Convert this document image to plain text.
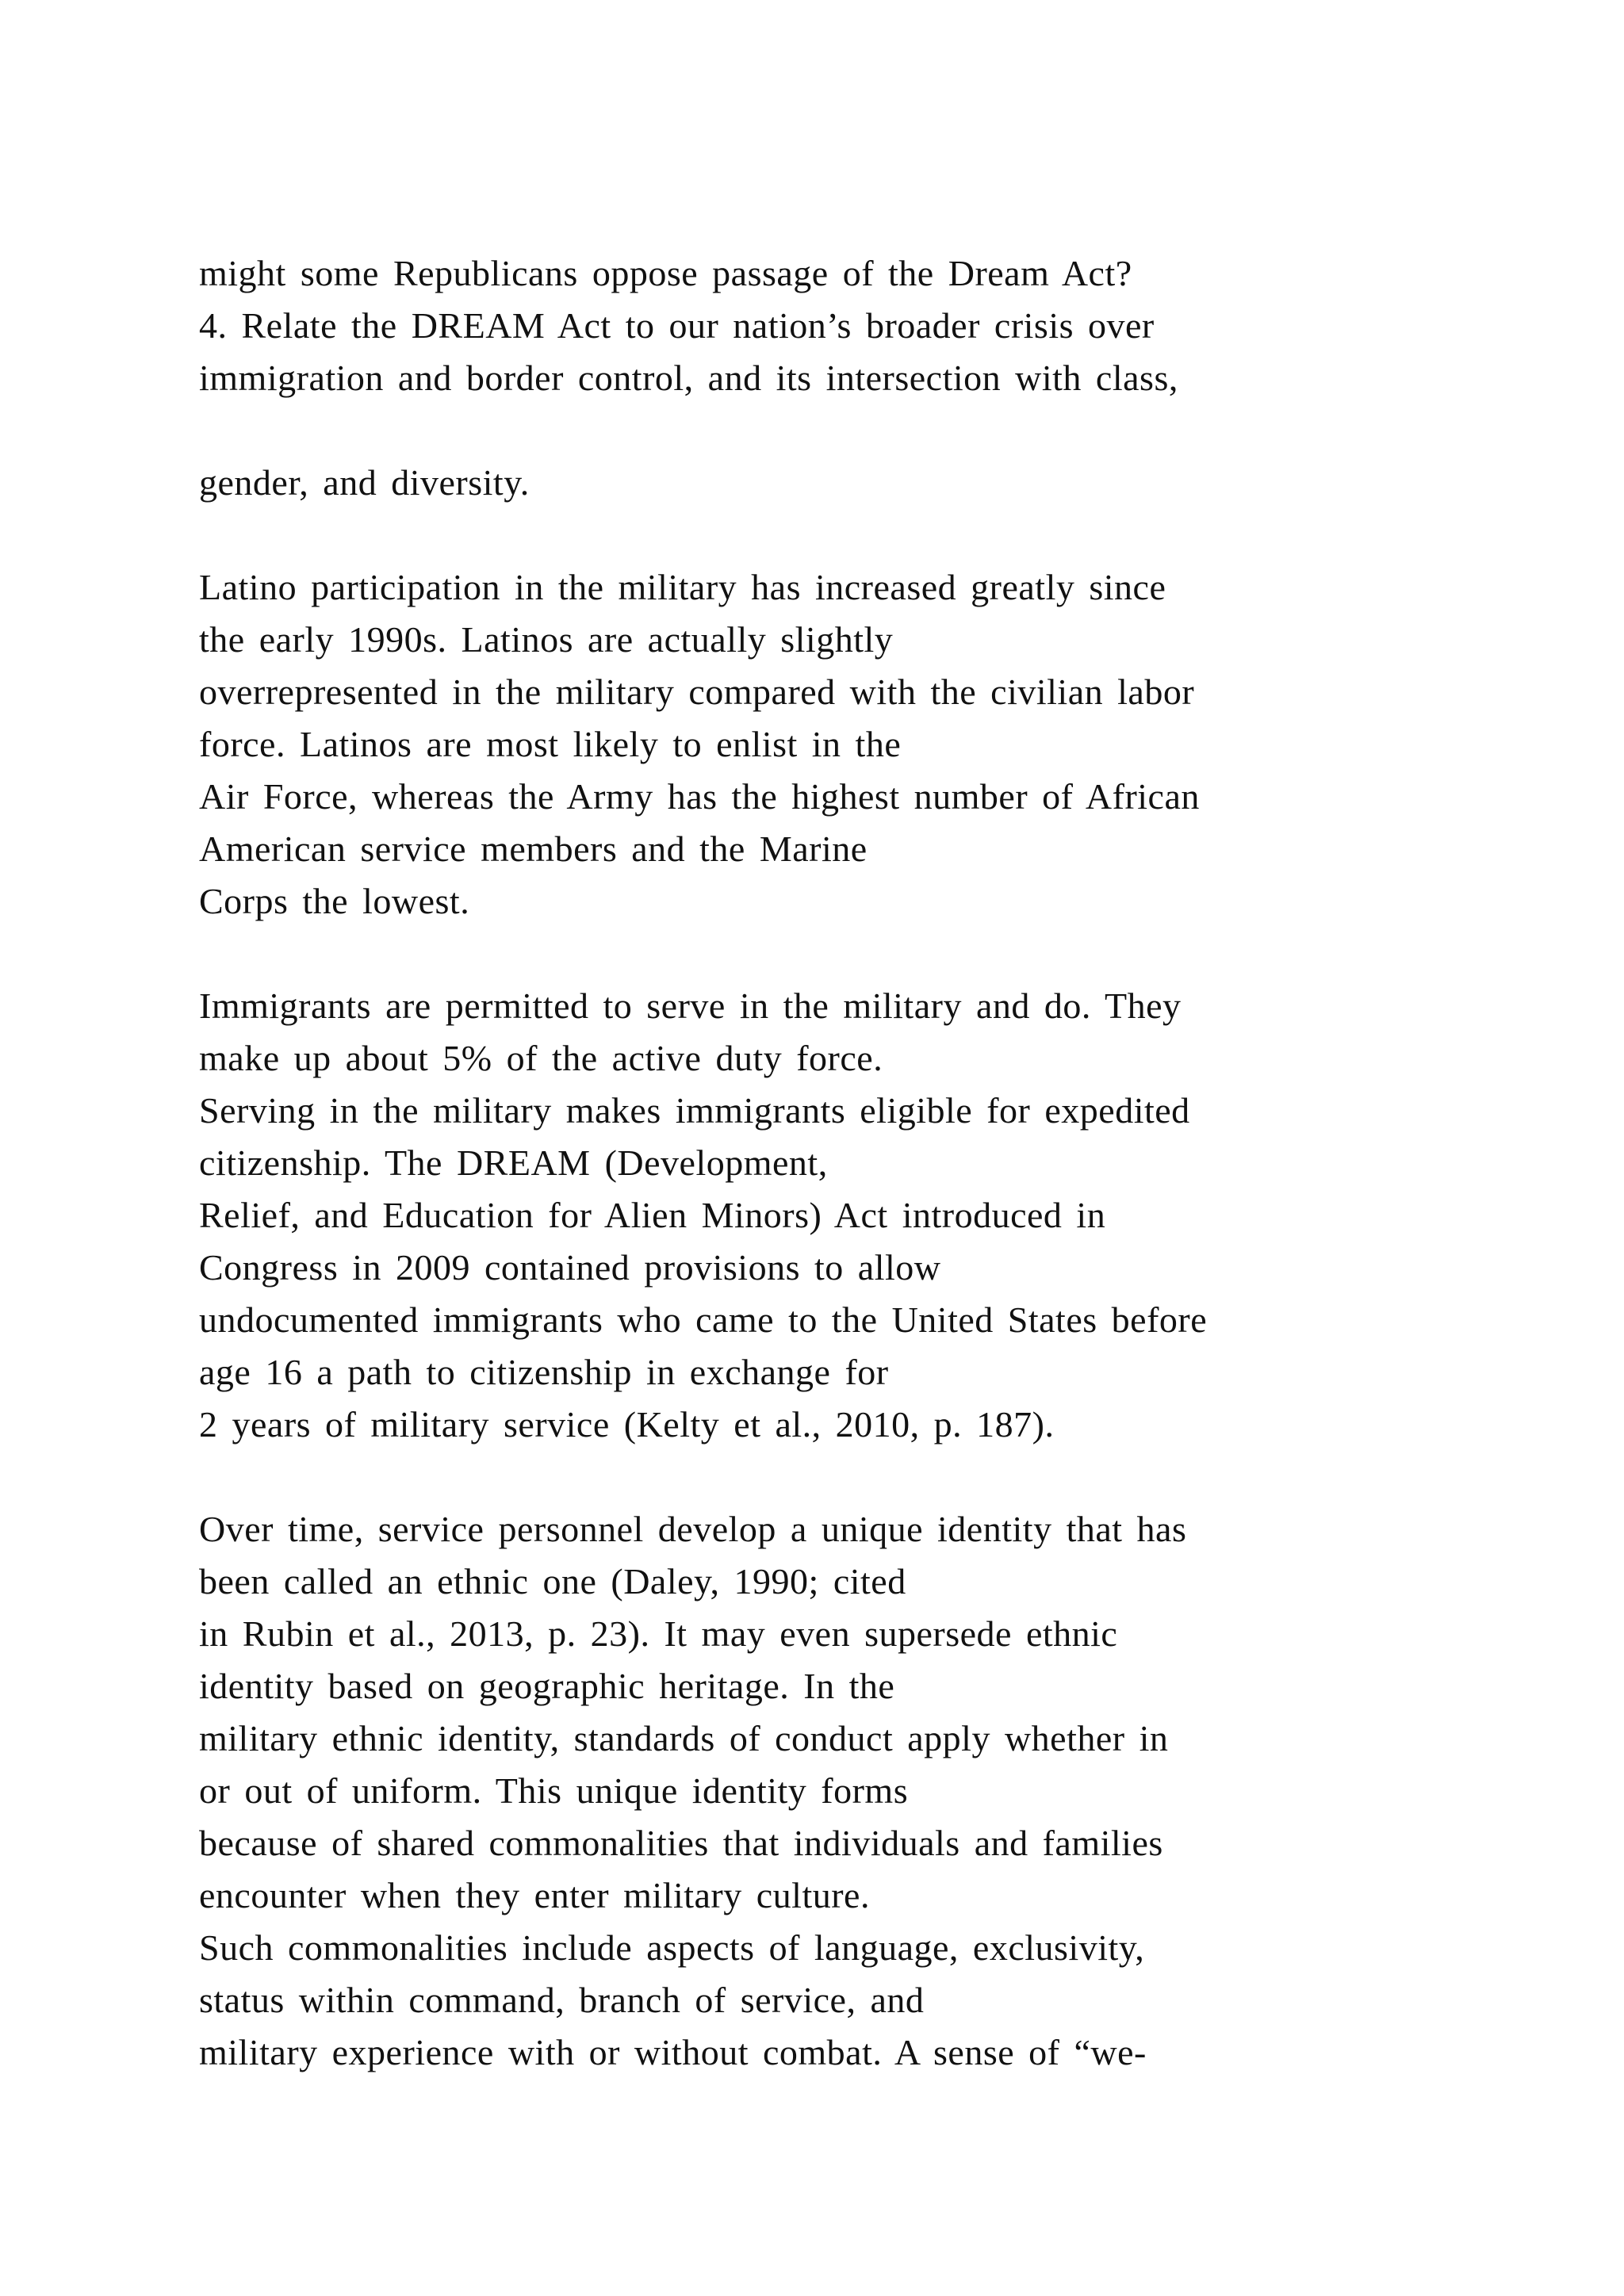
might some Republicans oppose passage of the Dream Act?
4. Relate the DREAM Act to our nation’s broader crisis over
immigration and border control, and its intersection with class,
gender, and diversity.
Latino participation in the military has increased greatly since
the early 1990s. Latinos are actually slightly
overrepresented in the military compared with the civilian labor
force. Latinos are most likely to enlist in the
Air Force, whereas the Army has the highest number of African
American service members and the Marine
Corps the lowest.
Immigrants are permitted to serve in the military and do. They
make up about 5% of the active duty force.
Serving in the military makes immigrants eligible for expedited
citizenship. The DREAM (Development,
Relief, and Education for Alien Minors) Act introduced in
Congress in 2009 contained provisions to allow
undocumented immigrants who came to the United States before
age 16 a path to citizenship in exchange for
2 years of military service (Kelty et al., 2010, p. 187).
Over time, service personnel develop a unique identity that has
been called an ethnic one (Daley, 1990; cited
in Rubin et al., 2013, p. 23). It may even supersede ethnic
identity based on geographic heritage. In the
military ethnic identity, standards of conduct apply whether in
or out of uniform. This unique identity forms
because of shared commonalities that individuals and families
encounter when they enter military culture.
Such commonalities include aspects of language, exclusivity,
status within command, branch of service, and
military experience with or without combat. A sense of “we-
